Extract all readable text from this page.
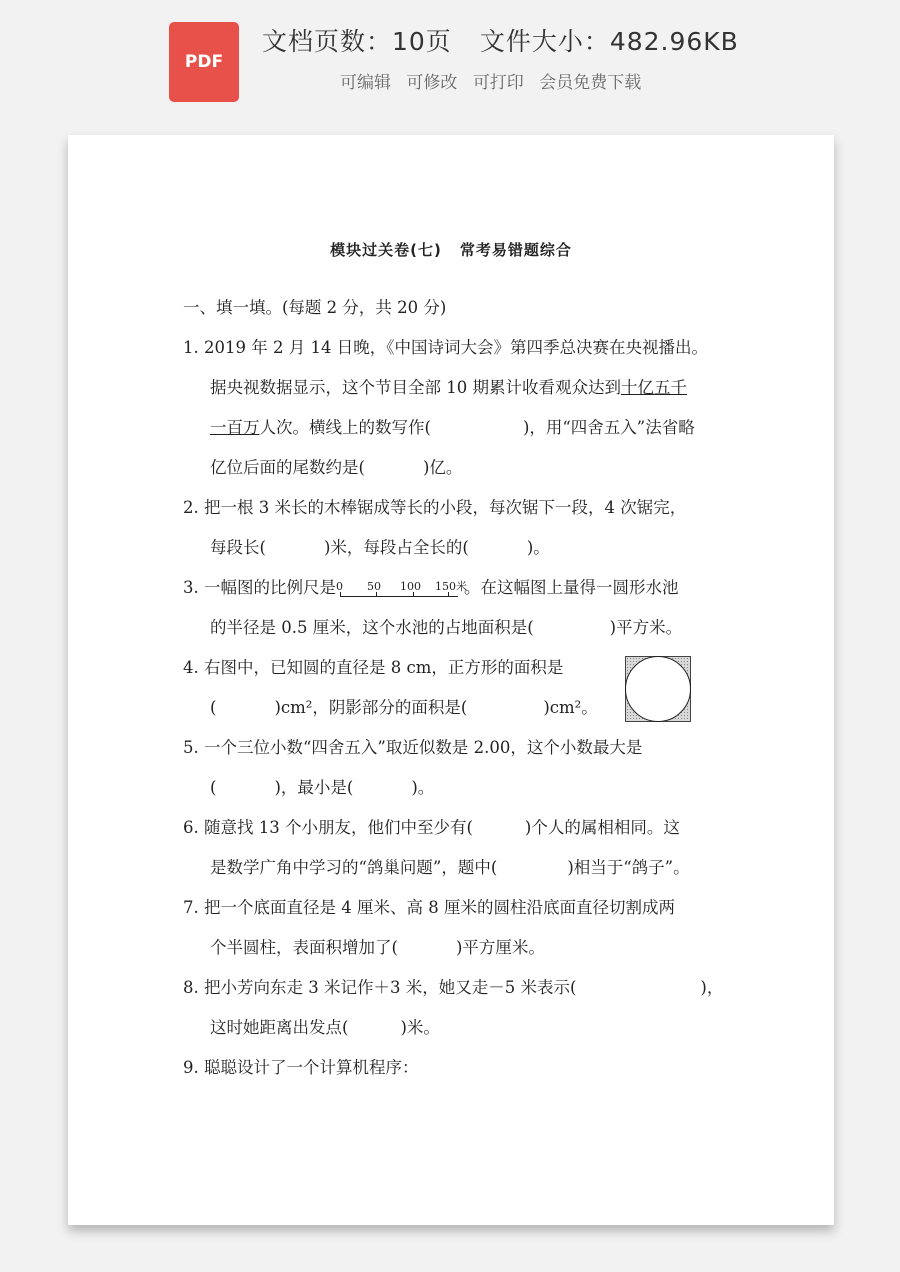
PDF
文档页数：10页 文件大小：482.96KB
可编辑 可修改 可打印 会员免费下载
模块过关卷(七) 常考易错题综合
一、填一填。(每题 2 分，共 20 分)
1. 2019 年 2 月 14 日晚，《中国诗词大会》第四季总决赛在央视播出。
据央视数据显示，这个节目全部 10 期累计收看观众达到十亿五千
一百万人次。横线上的数写作(	)，用“四舍五入”法省略
亿位后面的尾数约是(	)亿。
2. 把一根 3 米长的木棒锯成等长的小段，每次锯下一段，4 次锯完，
每段长(	)米，每段占全长的(	)。
3. 一幅图的比例尺是 0 50 100 150米
。在这幅图上量得一圆形水池
的半径是 0.5 厘米，这个水池的占地面积是(	)平方米。
4. 右图中，已知圆的直径是 8 cm，正方形的面积是
(	)cm²，阴影部分的面积是(	)cm²。
5. 一个三位小数“四舍五入”取近似数是 2.00，这个小数最大是
(	)，最小是(	)。
6. 随意找 13 个小朋友，他们中至少有(	)个人的属相相同。这
是数学广角中学习的“鸽巢问题”，题中(	)相当于“鸽子”。
7. 把一个底面直径是 4 厘米、高 8 厘米的圆柱沿底面直径切割成两
个半圆柱，表面积增加了(	)平方厘米。
8. 把小芳向东走 3 米记作＋3 米，她又走－5 米表示(	)，
这时她距离出发点(	)米。
9. 聪聪设计了一个计算机程序：
